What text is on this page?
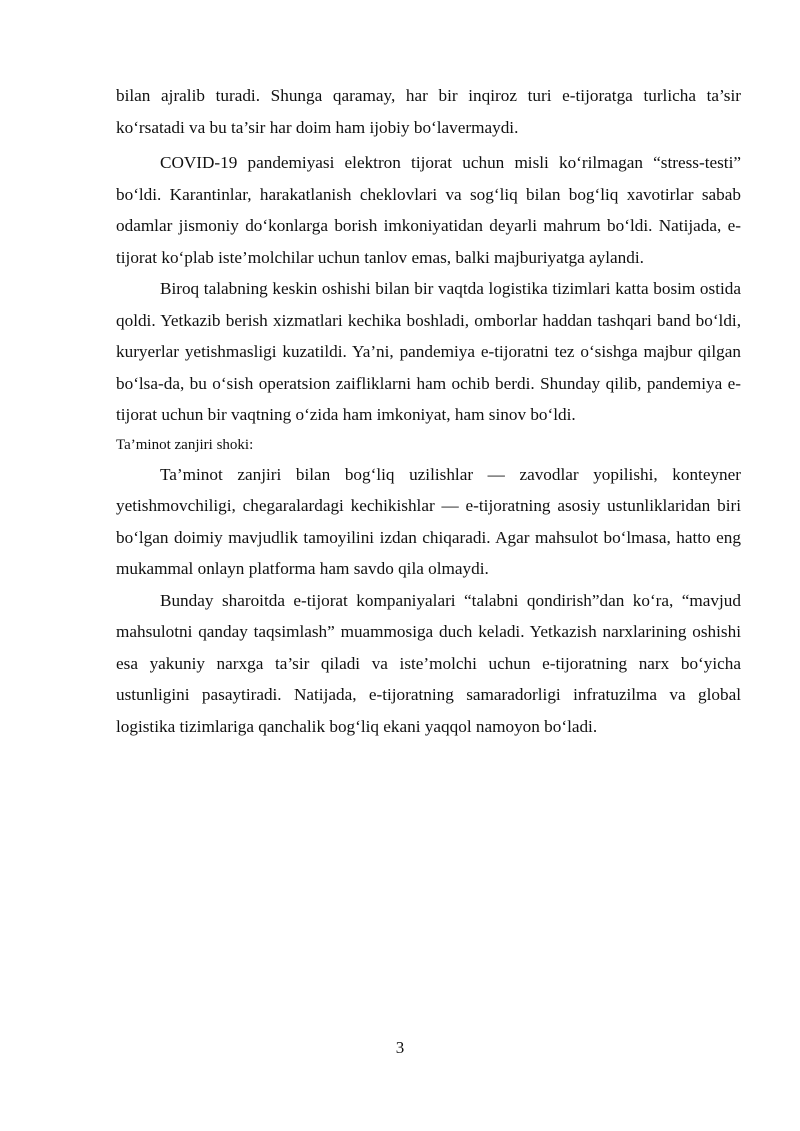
bilan ajralib turadi. Shunga qaramay, har bir inqiroz turi e-tijoratga turlicha ta’sir ko‘rsatadi va bu ta’sir har doim ham ijobiy bo‘lavermaydi.

COVID-19 pandemiyasi elektron tijorat uchun misli ko‘rilmagan “stress-testi” bo‘ldi. Karantinlar, harakatlanish cheklovlari va sog‘liq bilan bog‘liq xavotirlar sabab odamlar jismoniy do‘konlarga borish imkoniyatidan deyarli mahrum bo‘ldi. Natijada, e-tijorat ko‘plab iste’molchilar uchun tanlov emas, balki majburiyatga aylandi.

Biroq talabning keskin oshishi bilan bir vaqtda logistika tizimlari katta bosim ostida qoldi. Yetkazib berish xizmatlari kechika boshladi, omborlar haddan tashqari band bo‘ldi, kuryerlar yetishmasligi kuzatildi. Ya’ni, pandemiya e-tijoratni tez o‘sishga majbur qilgan bo‘lsa-da, bu o‘sish operatsion zaifliklarni ham ochib berdi. Shunday qilib, pandemiya e-tijorat uchun bir vaqtning o‘zida ham imkoniyat, ham sinov bo‘ldi.

Ta’minot zanjiri shoki:

Ta’minot zanjiri bilan bog‘liq uzilishlar — zavodlar yopilishi, konteyner yetishmovchiligi, chegaralardagi kechikishlar — e-tijoratning asosiy ustunliklaridan biri bo‘lgan doimiy mavjudlik tamoyilini izdan chiqaradi. Agar mahsulot bo‘lmasa, hatto eng mukammal onlayn platforma ham savdo qila olmaydi.

Bunday sharoitda e-tijorat kompaniyalari “talabni qondirish”dan ko‘ra, “mavjud mahsulotni qanday taqsimlash” muammosiga duch keladi. Yetkazish narxlarining oshishi esa yakuniy narxga ta’sir qiladi va iste’molchi uchun e-tijoratning narx bo‘yicha ustunligini pasaytiradi. Natijada, e-tijoratning samaradorligi infratuzilma va global logistika tizimlariga qanchalik bog‘liq ekani yaqqol namoyon bo‘ladi.

3
